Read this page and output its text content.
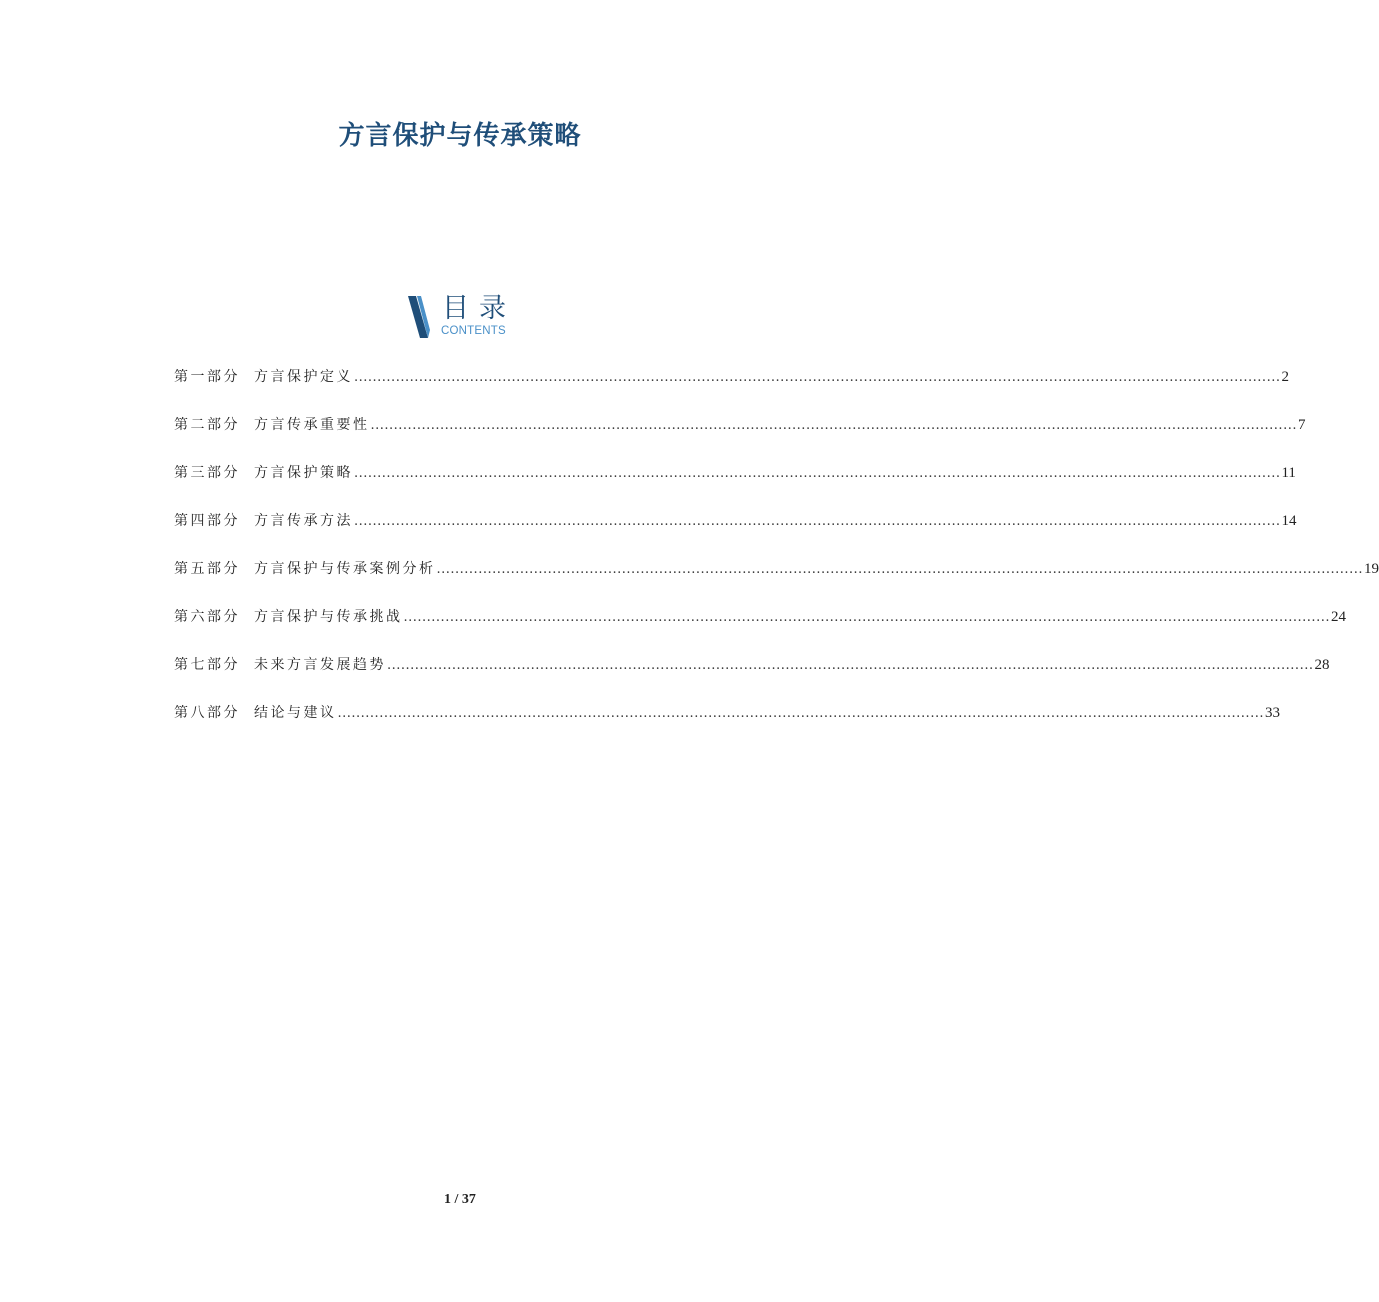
方言保护与传承策略
目录
CONTENTS
第一部分	方言保护定义 ........................................................................................................................................................................................................ 2
第二部分	方言传承重要性 ........................................................................................................................................................................................................ 7
第三部分	方言保护策略 ........................................................................................................................................................................................................ 11
第四部分	方言传承方法 ........................................................................................................................................................................................................ 14
第五部分	方言保护与传承案例分析 ........................................................................................................................................................................................................ 19
第六部分	方言保护与传承挑战 ........................................................................................................................................................................................................ 24
第七部分	未来方言发展趋势 ........................................................................................................................................................................................................ 28
第八部分	结论与建议 ........................................................................................................................................................................................................ 33
1 / 37
